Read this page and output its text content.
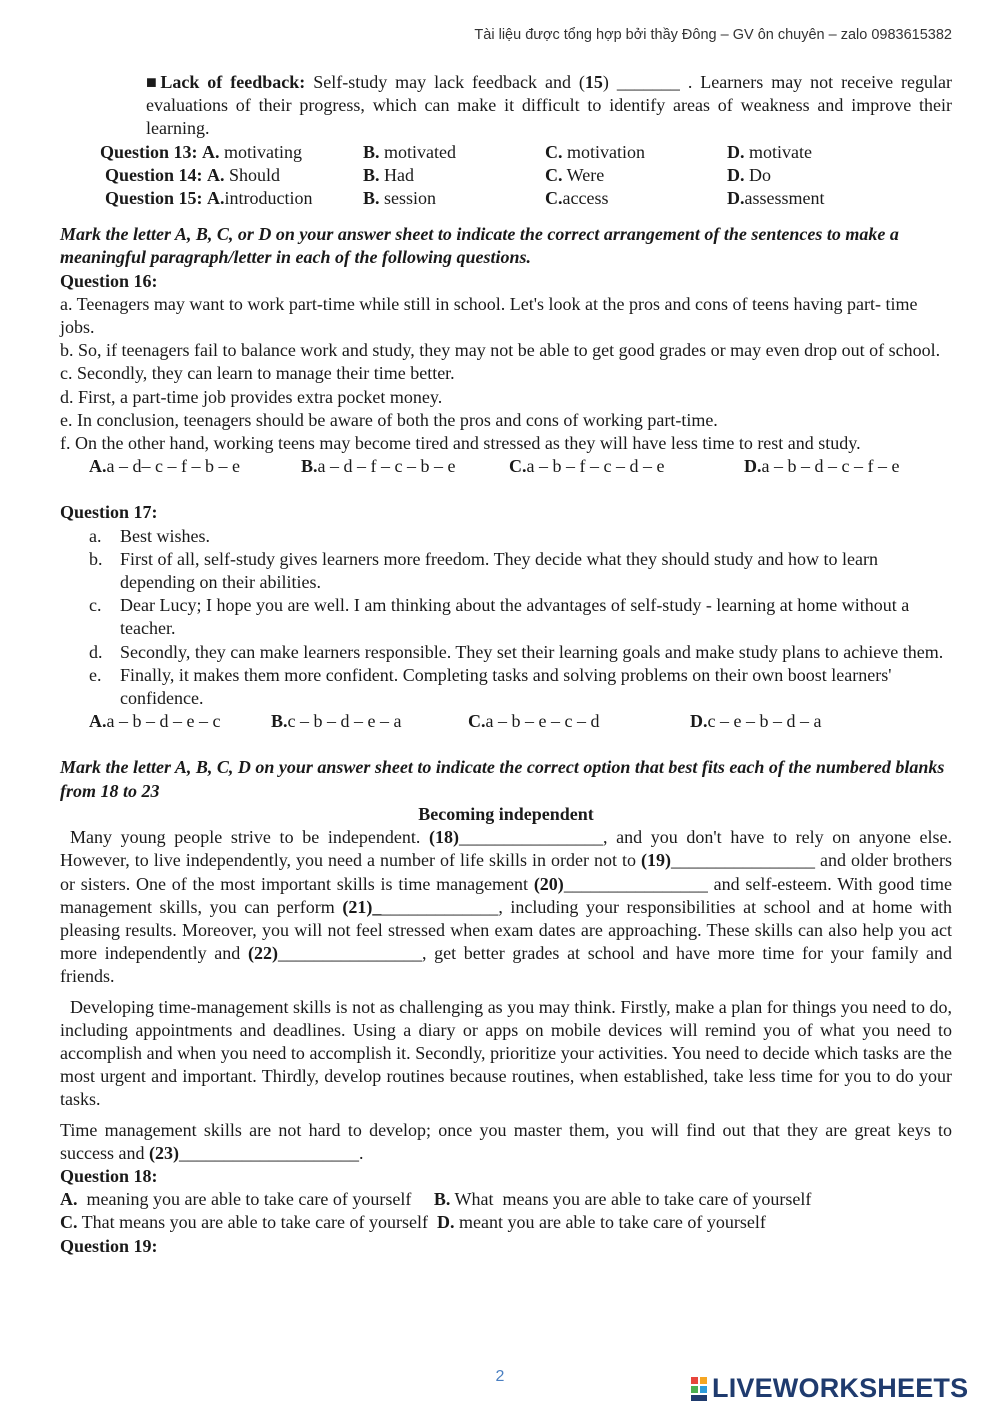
Tài liệu được tổng hợp bởi thầy Đông – GV ôn chuyên – zalo 0983615382

■Lack of feedback: Self-study may lack feedback and (15) _______ . Learners may not receive regular evaluations of their progress, which can make it difficult to identify areas of weakness and improve their learning.

Question 13: A. motivating	B. motivated	C. motivation	D. motivate
Question 14: A. Should	B. Had	C. Were	D. Do
Question 15: A.introduction	B. session	C.access	D.assessment

Mark the letter A, B, C, or D on your answer sheet to indicate the correct arrangement of the sentences to make a meaningful paragraph/letter in each of the following questions.

Question 16:

a. Teenagers may want to work part-time while still in school. Let's look at the pros and cons of teens having part- time jobs.

b. So, if teenagers fail to balance work and study, they may not be able to get good grades or may even drop out of school.

c. Secondly, they can learn to manage their time better.

d. First, a part-time job provides extra pocket money.

e. In conclusion, teenagers should be aware of both the pros and cons of working part-time.

f. On the other hand, working teens may become tired and stressed as they will have less time to rest and study.

A.a – d– c – f – b – e	B.a – d – f – c – b – e	C.a – b – f – c – d – e	D.a – b – d – c – f – e

Question 17:

a.	Best wishes.
b. First of all, self-study gives learners more freedom. They decide what they should study and how to learn depending on their abilities.
c.	Dear Lucy; I hope you are well. I am thinking about the advantages of self-study - learning at home without a teacher.
d. Secondly, they can make learners responsible. They set their learning goals and make study plans to achieve them.
e.	Finally, it makes them more confident. Completing tasks and solving problems on their own boost learners' confidence.
A.a – b – d – e – c	B.c – b – d – e – a	C.a – b – e – c – d	D.c – e – b – d – a

Mark the letter A, B, C, D on your answer sheet to indicate the correct option that best fits each of the numbered blanks from 18 to 23

Becoming independent

Many young people strive to be independent. (18)________________, and you don't have to rely on anyone else. However, to live independently, you need a number of life skills in order not to (19)________________ and older brothers or sisters. One of the most important skills is time management (20)________________ and self-esteem. With good time management skills, you can perform (21)______________, including your responsibilities at school and at home with pleasing results. Moreover, you will not feel stressed when exam dates are approaching. These skills can also help you act more independently and (22)________________, get better grades at school and have more time for your family and friends.

Developing time-management skills is not as challenging as you may think. Firstly, make a plan for things you need to do, including appointments and deadlines. Using a diary or apps on mobile devices will remind you of what you need to accomplish and when you need to accomplish it. Secondly, prioritize your activities. You need to decide which tasks are the most urgent and important. Thirdly, develop routines because routines, when established, take less time for you to do your tasks.

Time management skills are not hard to develop; once you master them, you will find out that they are great keys to success and (23)____________________.

Question 18:

A.  meaning you are able to take care of yourself     B. What  means you are able to take care of yourself

C. That means you are able to take care of yourself  D. meant you are able to take care of yourself

Question 19:

2	LIVEWORKSHEETS
